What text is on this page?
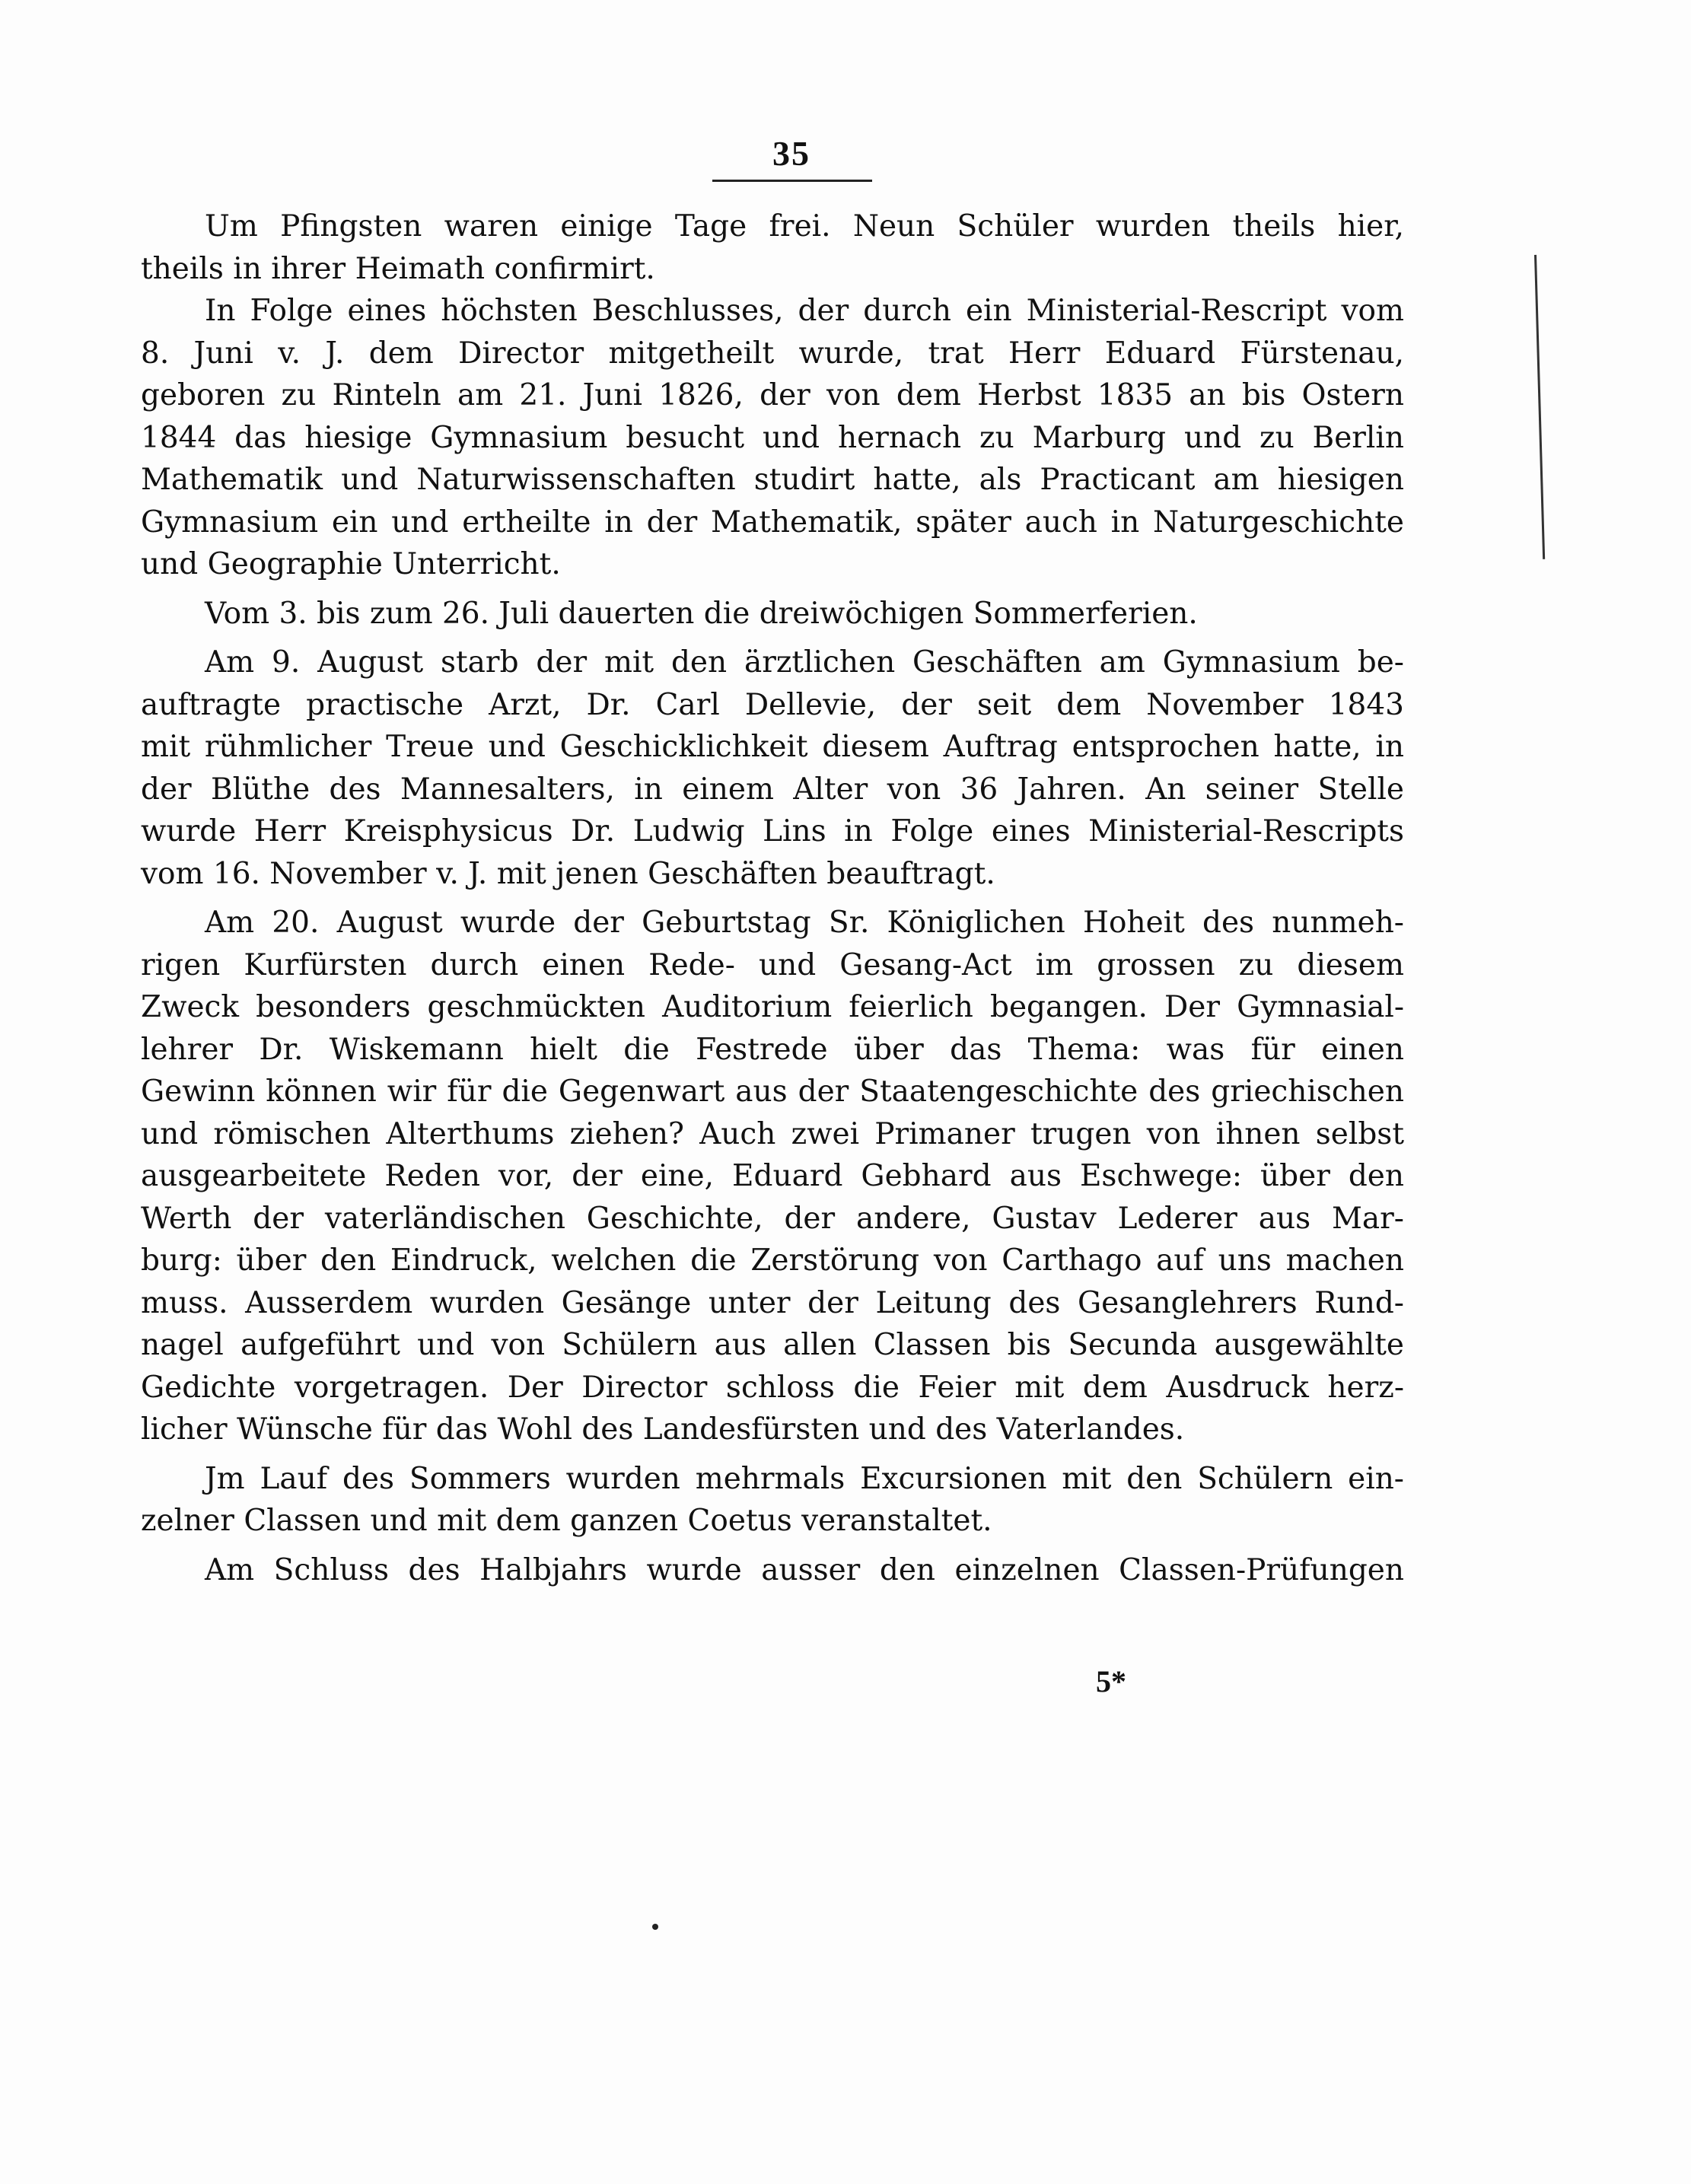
35
Um Pfingsten waren einige Tage frei. Neun Schüler wurden theils hier,
theils in ihrer Heimath confirmirt.
In Folge eines höchsten Beschlusses, der durch ein Ministerial-Rescript vom
8. Juni v. J. dem Director mitgetheilt wurde, trat Herr Eduard Fürstenau,
geboren zu Rinteln am 21. Juni 1826, der von dem Herbst 1835 an bis Ostern
1844 das hiesige Gymnasium besucht und hernach zu Marburg und zu Berlin
Mathematik und Naturwissenschaften studirt hatte, als Practicant am hiesigen
Gymnasium ein und ertheilte in der Mathematik, später auch in Naturgeschichte
und Geographie Unterricht.
Vom 3. bis zum 26. Juli dauerten die dreiwöchigen Sommerferien.
Am 9. August starb der mit den ärztlichen Geschäften am Gymnasium be-
auftragte practische Arzt, Dr. Carl Dellevie, der seit dem November 1843
mit rühmlicher Treue und Geschicklichkeit diesem Auftrag entsprochen hatte, in
der Blüthe des Mannesalters, in einem Alter von 36 Jahren. An seiner Stelle
wurde Herr Kreisphysicus Dr. Ludwig Lins in Folge eines Ministerial-Rescripts
vom 16. November v. J. mit jenen Geschäften beauftragt.
Am 20. August wurde der Geburtstag Sr. Königlichen Hoheit des nunmeh-
rigen Kurfürsten durch einen Rede- und Gesang-Act im grossen zu diesem
Zweck besonders geschmückten Auditorium feierlich begangen. Der Gymnasial-
lehrer Dr. Wiskemann hielt die Festrede über das Thema: was für einen
Gewinn können wir für die Gegenwart aus der Staatengeschichte des griechischen
und römischen Alterthums ziehen? Auch zwei Primaner trugen von ihnen selbst
ausgearbeitete Reden vor, der eine, Eduard Gebhard aus Eschwege: über den
Werth der vaterländischen Geschichte, der andere, Gustav Lederer aus Mar-
burg: über den Eindruck, welchen die Zerstörung von Carthago auf uns machen
muss. Ausserdem wurden Gesänge unter der Leitung des Gesanglehrers Rund-
nagel aufgeführt und von Schülern aus allen Classen bis Secunda ausgewählte
Gedichte vorgetragen. Der Director schloss die Feier mit dem Ausdruck herz-
licher Wünsche für das Wohl des Landesfürsten und des Vaterlandes.
Jm Lauf des Sommers wurden mehrmals Excursionen mit den Schülern ein-
zelner Classen und mit dem ganzen Coetus veranstaltet.
Am Schluss des Halbjahrs wurde ausser den einzelnen Classen-Prüfungen
5*
